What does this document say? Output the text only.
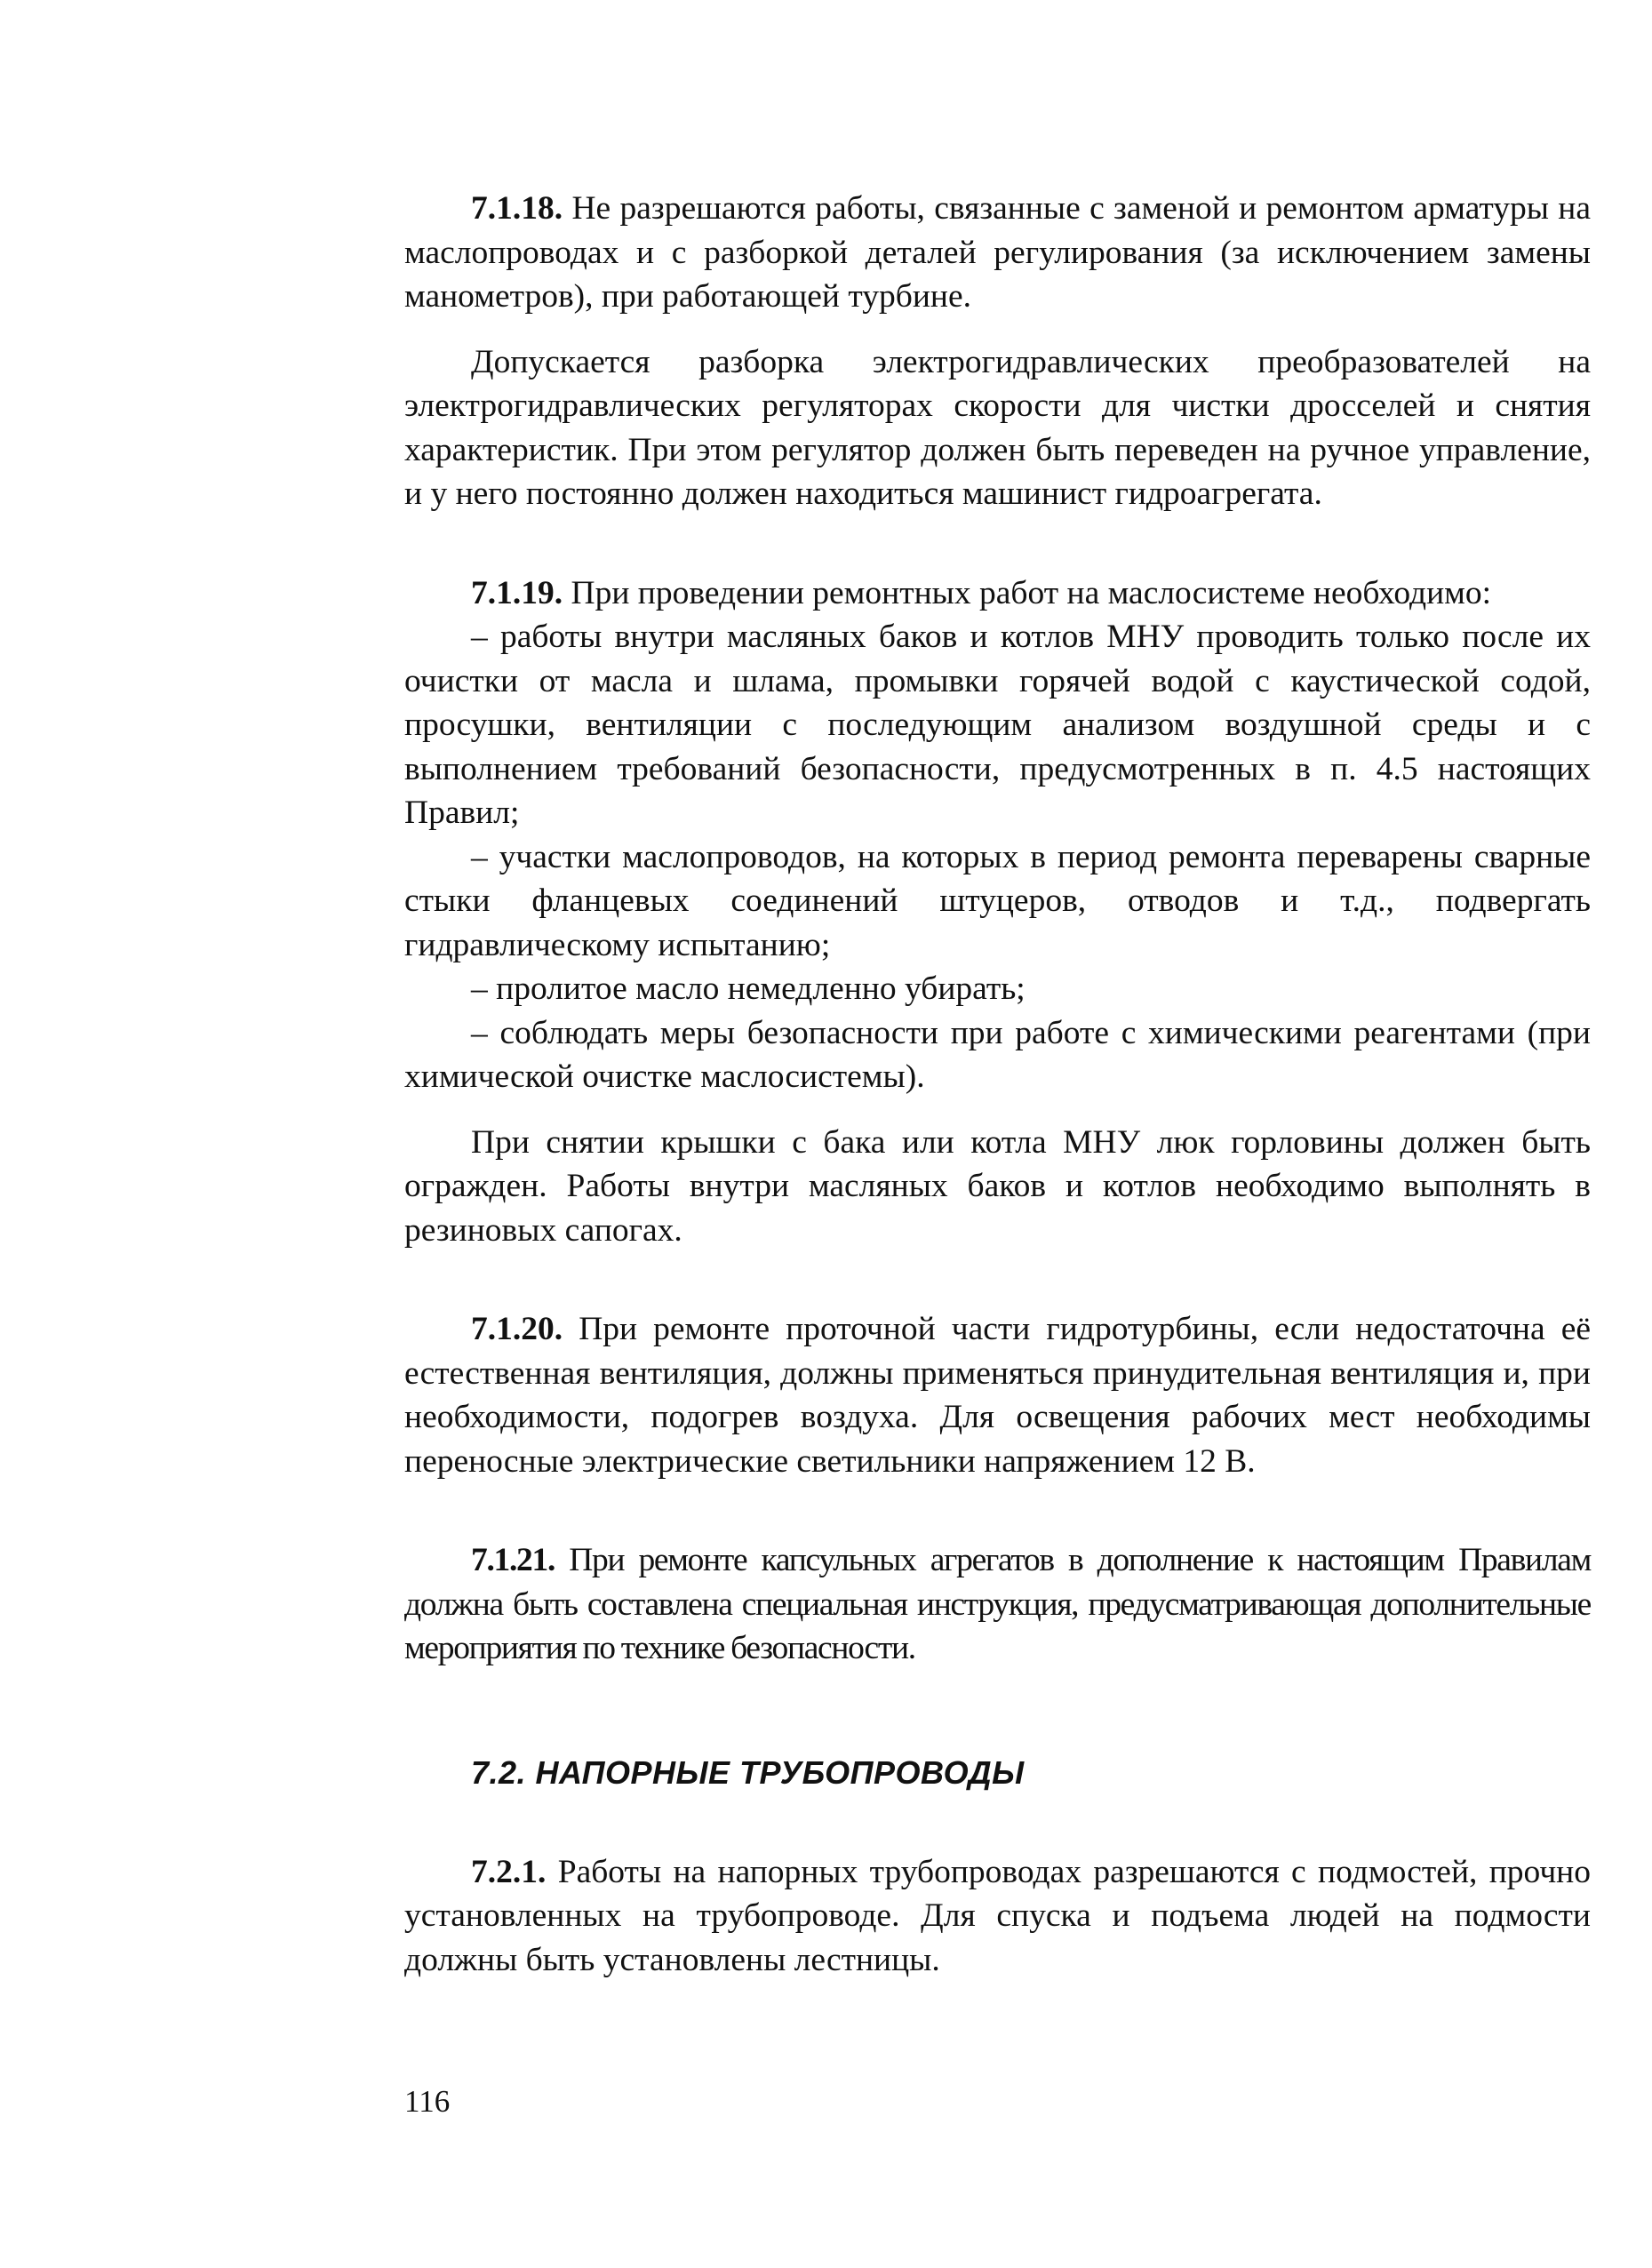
7.1.18. Не разрешаются работы, связанные с заменой и ремонтом арматуры на маслопроводах и с разборкой деталей регулирования (за исключением замены манометров), при работающей турбине.

Допускается разборка электрогидравлических преобразователей на электрогидравлических регуляторах скорости для чистки дросселей и снятия характеристик. При этом регулятор должен быть переведен на ручное управление, и у него постоянно должен находиться машинист гидроагрегата.

7.1.19. При проведении ремонтных работ на маслосистеме необходимо:

– работы внутри масляных баков и котлов МНУ проводить только после их очистки от масла и шлама, промывки горячей водой с каустической содой, просушки, вентиляции с последующим анализом воздушной среды и с выполнением требований безопасности, предусмотренных в п. 4.5 настоящих Правил;

– участки маслопроводов, на которых в период ремонта переварены сварные стыки фланцевых соединений штуцеров, отводов и т.д., подвергать гидравлическому испытанию;

– пролитое масло немедленно убирать;

– соблюдать меры безопасности при работе с химическими реагентами (при химической очистке маслосистемы).

При снятии крышки с бака или котла МНУ люк горловины должен быть огражден. Работы внутри масляных баков и котлов необходимо выполнять в резиновых сапогах.

7.1.20. При ремонте проточной части гидротурбины, если недостаточна её естественная вентиляция, должны применяться принудительная вентиляция и, при необходимости, подогрев воздуха. Для освещения рабочих мест необходимы переносные электрические светильники напряжением 12 В.

7.1.21. При ремонте капсульных агрегатов в дополнение к настоящим Правилам должна быть составлена специальная инструкция, предусматривающая дополнительные мероприятия по технике безопасности.

7.2. НАПОРНЫЕ ТРУБОПРОВОДЫ

7.2.1. Работы на напорных трубопроводах разрешаются с подмостей, прочно установленных на трубопроводе. Для спуска и подъема людей на подмости должны быть установлены лестницы.

116
